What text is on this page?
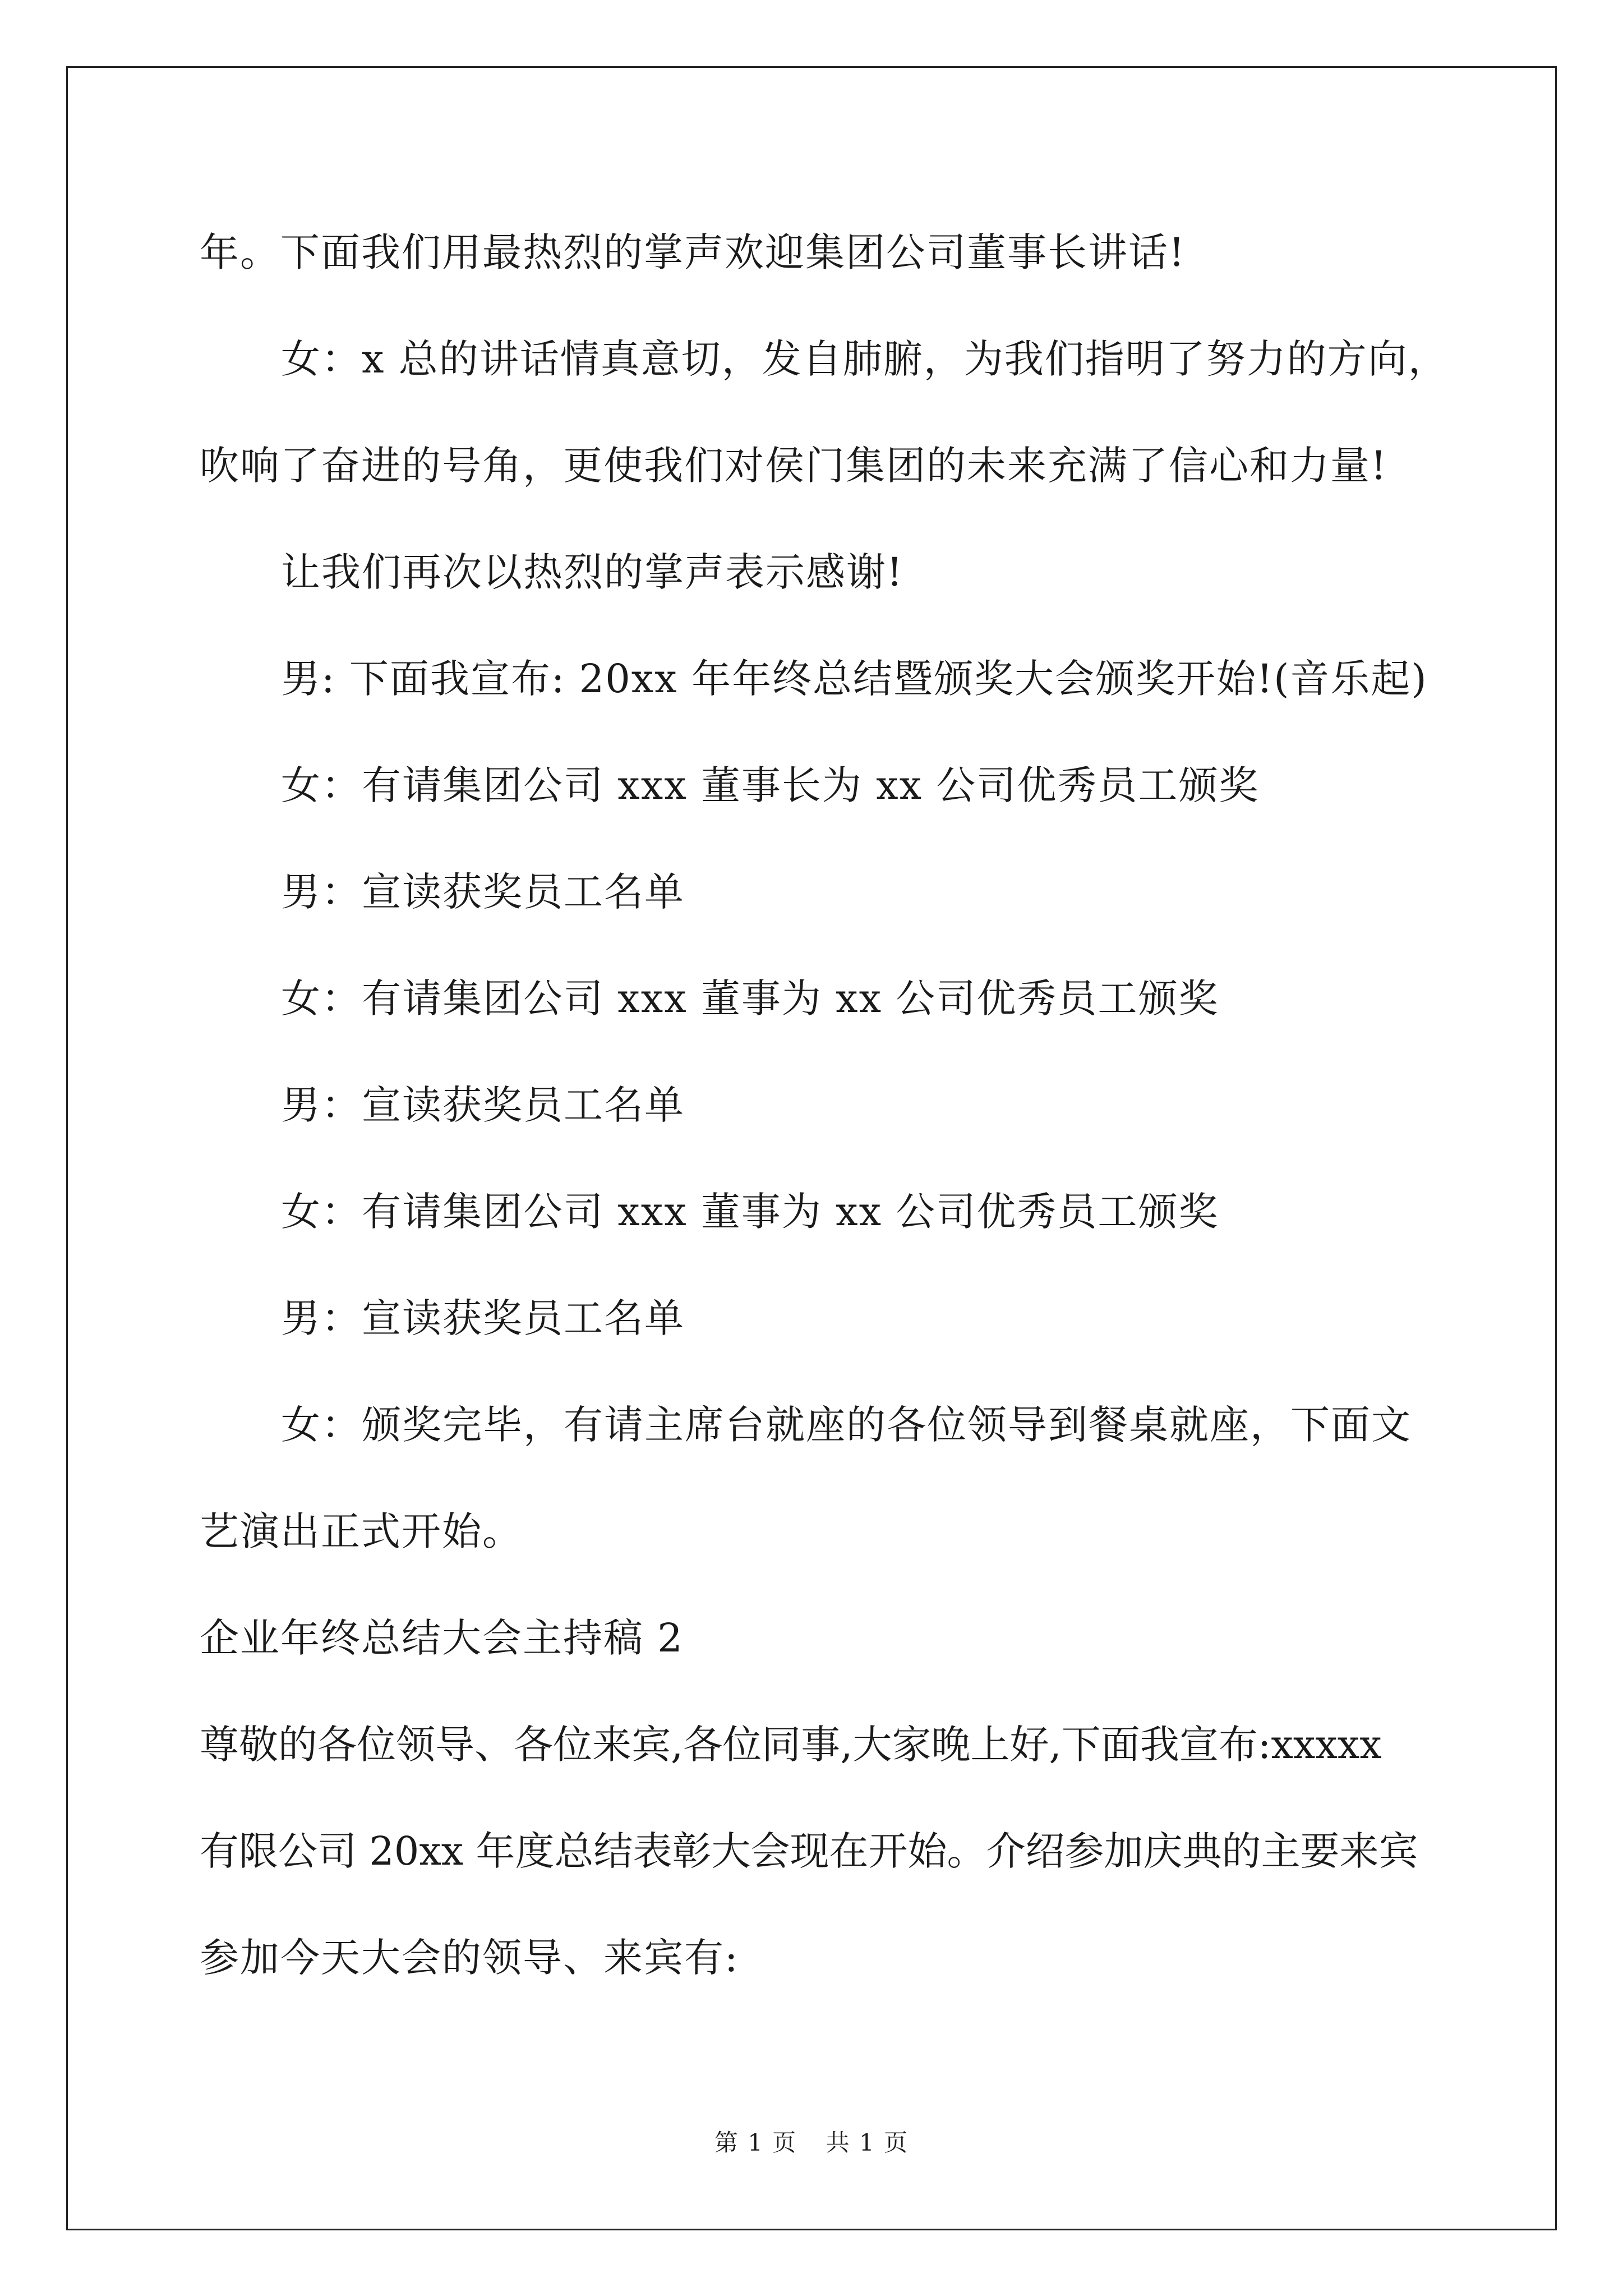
年。下面我们用最热烈的掌声欢迎集团公司董事长讲话!
女：x 总的讲话情真意切，发自肺腑，为我们指明了努力的方向，
吹响了奋进的号角，更使我们对侯门集团的未来充满了信心和力量!
让我们再次以热烈的掌声表示感谢!
男: 下面我宣布: 20xx 年年终总结暨颁奖大会颁奖开始!(音乐起)
女：有请集团公司 xxx 董事长为 xx 公司优秀员工颁奖
男：宣读获奖员工名单
女：有请集团公司 xxx 董事为 xx 公司优秀员工颁奖
男：宣读获奖员工名单
女：有请集团公司 xxx 董事为 xx 公司优秀员工颁奖
男：宣读获奖员工名单
女：颁奖完毕，有请主席台就座的各位领导到餐桌就座，下面文
艺演出正式开始。
企业年终总结大会主持稿 2
尊敬的各位领导、各位来宾,各位同事,大家晚上好,下面我宣布:xxxxx
有限公司 20xx 年度总结表彰大会现在开始。介绍参加庆典的主要来宾
参加今天大会的领导、来宾有:
第 1 页 共 1 页
